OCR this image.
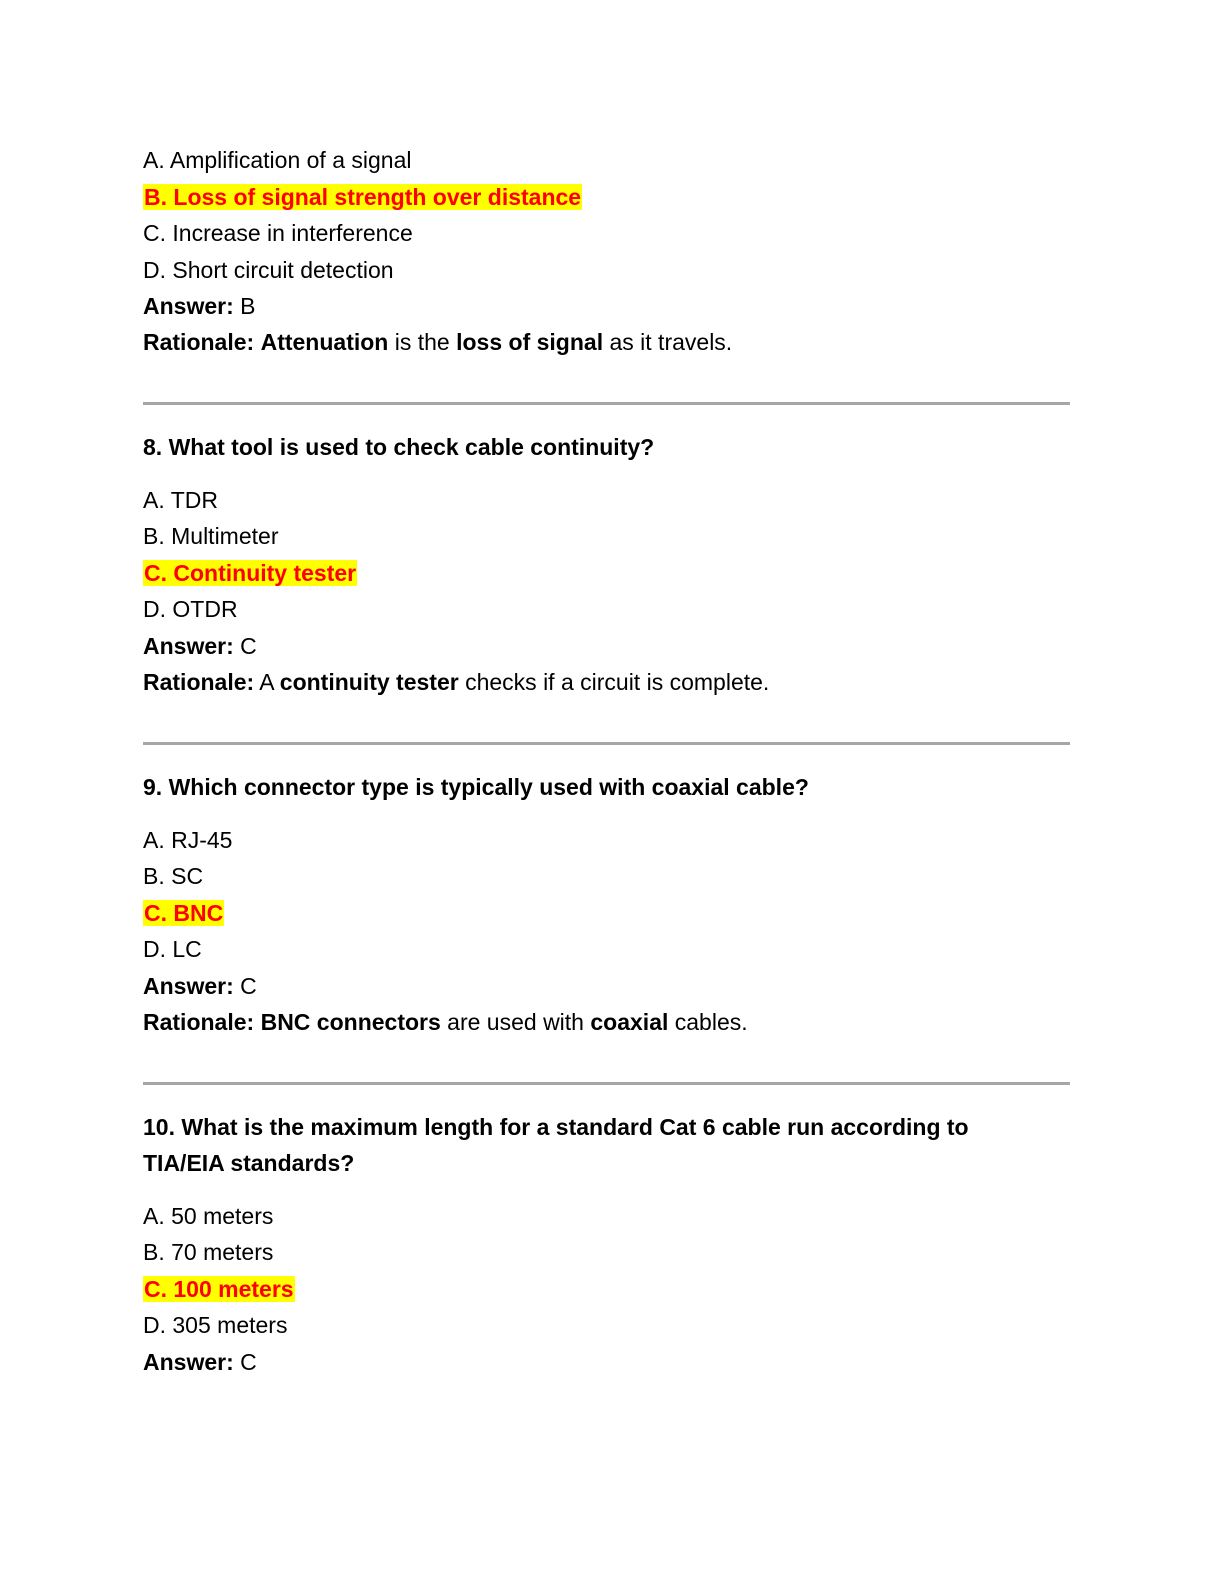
A. Amplification of a signal
B. Loss of signal strength over distance
C. Increase in interference
D. Short circuit detection
Answer: B
Rationale: Attenuation is the loss of signal as it travels.
8. What tool is used to check cable continuity?
A. TDR
B. Multimeter
C. Continuity tester
D. OTDR
Answer: C
Rationale: A continuity tester checks if a circuit is complete.
9. Which connector type is typically used with coaxial cable?
A. RJ-45
B. SC
C. BNC
D. LC
Answer: C
Rationale: BNC connectors are used with coaxial cables.
10. What is the maximum length for a standard Cat 6 cable run according to TIA/EIA standards?
A. 50 meters
B. 70 meters
C. 100 meters
D. 305 meters
Answer: C
